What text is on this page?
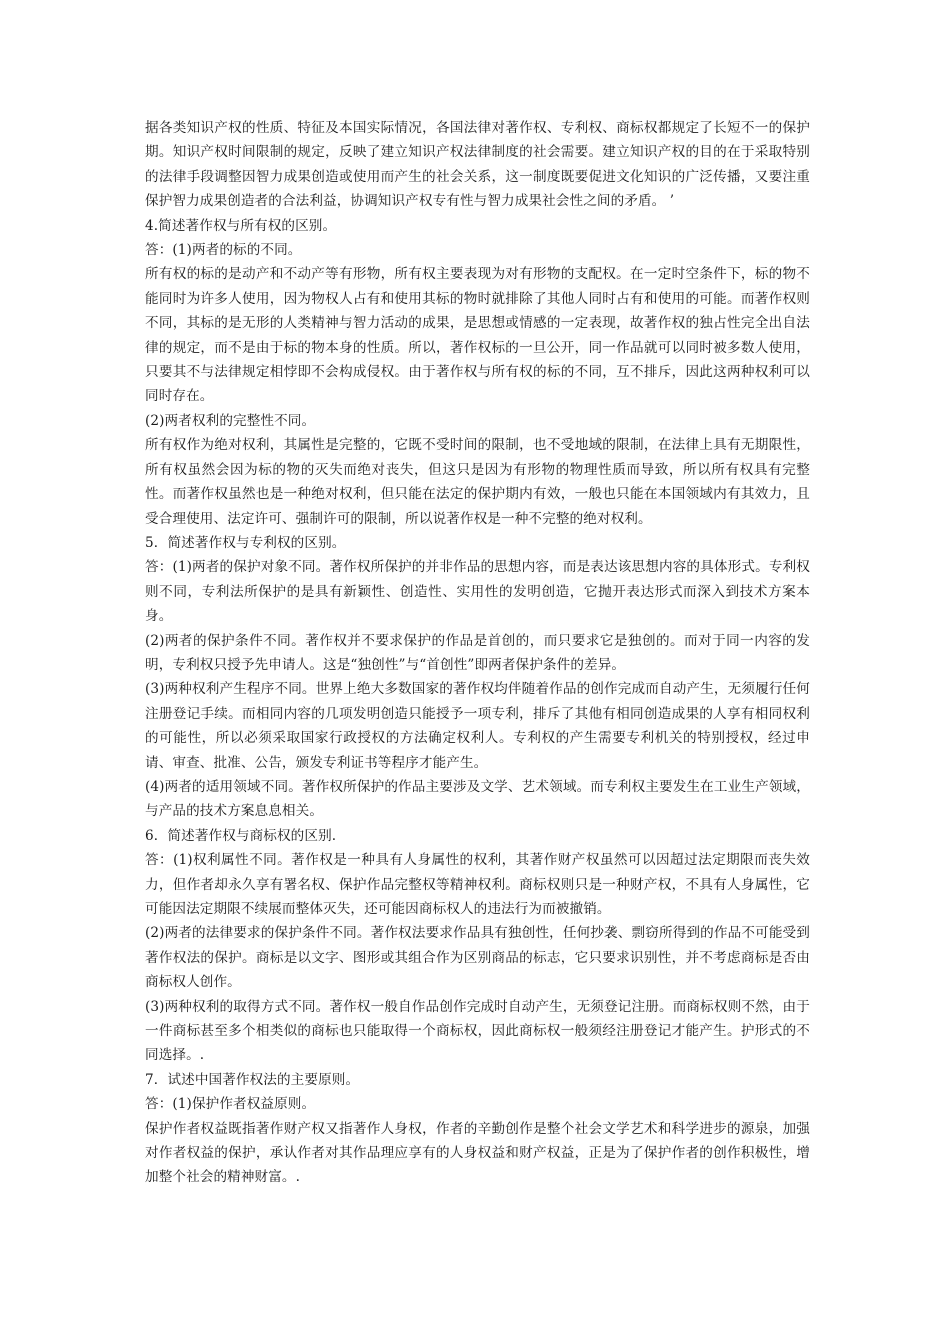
据各类知识产权的性质、特征及本国实际情况，各国法律对著作权、专利权、商标权都规定了长短不一的保护期。知识产权时间限制的规定，反映了建立知识产权法律制度的社会需要。建立知识产权的目的在于采取特别的法律手段调整因智力成果创造或使用而产生的社会关系，这一制度既要促进文化知识的广泛传播，又要注重保护智力成果创造者的合法利益，协调知识产权专有性与智力成果社会性之间的矛盾。 ’

4.简述著作权与所有权的区别。

答：(1)两者的标的不同。

所有权的标的是动产和不动产等有形物，所有权主要表现为对有形物的支配权。在一定时空条件下，标的物不能同时为许多人使用，因为物权人占有和使用其标的物时就排除了其他人同时占有和使用的可能。而著作权则不同，其标的是无形的人类精神与智力活动的成果，是思想或情感的一定表现，故著作权的独占性完全出自法律的规定，而不是由于标的物本身的性质。所以，著作权标的一旦公开，同一作品就可以同时被多数人使用，只要其不与法律规定相悖即不会构成侵权。由于著作权与所有权的标的不同，互不排斥，因此这两种权利可以同时存在。

(2)两者权利的完整性不同。

所有权作为绝对权利，其属性是完整的，它既不受时间的限制，也不受地域的限制，在法律上具有无期限性，所有权虽然会因为标的物的灭失而绝对丧失，但这只是因为有形物的物理性质而导致，所以所有权具有完整性。而著作权虽然也是一种绝对权利，但只能在法定的保护期内有效，一般也只能在本国领域内有其效力，且受合理使用、法定许可、强制许可的限制，所以说著作权是一种不完整的绝对权利。

5．简述著作权与专利权的区别。

答：(1)两者的保护对象不同。著作权所保护的并非作品的思想内容，而是表达该思想内容的具体形式。专利权则不同，专利法所保护的是具有新颖性、创造性、实用性的发明创造，它抛开表达形式而深入到技术方案本身。

(2)两者的保护条件不同。著作权并不要求保护的作品是首创的，而只要求它是独创的。而对于同一内容的发明，专利权只授予先申请人。这是“独创性”与“首创性”即两者保护条件的差异。

(3)两种权利产生程序不同。世界上绝大多数国家的著作权均伴随着作品的创作完成而自动产生，无须履行任何注册登记手续。而相同内容的几项发明创造只能授予一项专利，排斥了其他有相同创造成果的人享有相同权利的可能性，所以必须采取国家行政授权的方法确定权利人。专利权的产生需要专利机关的特别授权，经过申请、审查、批准、公告，颁发专利证书等程序才能产生。

(4)两者的适用领域不同。著作权所保护的作品主要涉及文学、艺术领域。而专利权主要发生在工业生产领域，与产品的技术方案息息相关。

6．简述著作权与商标权的区别.

答：(1)权利属性不同。著作权是一种具有人身属性的权利，其著作财产权虽然可以因超过法定期限而丧失效力，但作者却永久享有署名权、保护作品完整权等精神权利。商标权则只是一种财产权，不具有人身属性，它可能因法定期限不续展而整体灭失，还可能因商标权人的违法行为而被撤销。

(2)两者的法律要求的保护条件不同。著作权法要求作品具有独创性，任何抄袭、剽窃所得到的作品不可能受到著作权法的保护。商标是以文字、图形或其组合作为区别商品的标志，它只要求识别性，并不考虑商标是否由商标权人创作。

(3)两种权利的取得方式不同。著作权一般自作品创作完成时自动产生，无须登记注册。而商标权则不然，由于一件商标甚至多个相类似的商标也只能取得一个商标权，因此商标权一般须经注册登记才能产生。护形式的不同选择。.

7．试述中国著作权法的主要原则。

答：(1)保护作者权益原则。

保护作者权益既指著作财产权又指著作人身权，作者的辛勤创作是整个社会文学艺术和科学进步的源泉，加强对作者权益的保护，承认作者对其作品理应享有的人身权益和财产权益，正是为了保护作者的创作积极性，增加整个社会的精神财富。.
